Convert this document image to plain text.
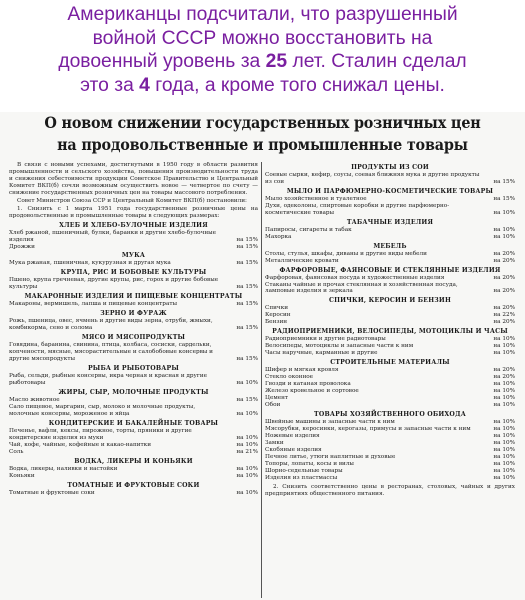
Американцы подсчитали, что разрушенный
войной СССР можно восстановить на
довоенный уровень за 25 лет. Сталин сделал
это за 4 года, а кроме того снижал цены.

О новом снижении государственных розничных цен
на продовольственные и промышленные товары

В связи с новыми успехами, достигнутыми в 1950 году в области развития промышленности и сельского хозяйства, повышения производительности труда и снижения себестоимости продукции Советское Правительство и Центральный Комитет ВКП(б) сочли возможным осуществить новое — четвертое по счету — снижение государственных розничных цен на товары массового потребления.

Совет Министров Союза ССР и Центральный Комитет ВКП(б) постановили:

1. Снизить с 1 марта 1951 года государственные розничные цены на продовольственные и промышленные товары в следующих размерах:

ХЛЕБ И ХЛЕБО-БУЛОЧНЫЕ ИЗДЕЛИЯ
Хлеб ржаной, пшеничный, булки, баранки и другие хлебо-булочные изделия	на 15%
Дрожжи	на 15%
МУКА
Мука ржаная, пшеничная, кукурузная и другая мука	на 15%
КРУПА, РИС И БОБОВЫЕ КУЛЬТУРЫ
Пшено, крупа гречневая, другие крупы, рис, горох и другие бобовые культуры	на 15%
МАКАРОННЫЕ ИЗДЕЛИЯ И ПИЩЕВЫЕ КОНЦЕНТРАТЫ
Макароны, вермишель, лапша и пищевые концентраты	на 15%
ЗЕРНО И ФУРАЖ
Рожь, пшеница, овес, ячмень и другие виды зерна, отруби, жмыхи, комбикорма, сено и солома	на 15%
МЯСО И МЯСОПРОДУКТЫ
Говядина, баранина, свинина, птица, колбаса, сосиски, сардельки, копчености, мясные, мясорастительные и салобобовые консервы и другие мясопродукты	на 15%
РЫБА И РЫБОТОВАРЫ
Рыба, сельди, рыбные консервы, икра черная и красная и другие рыботовары	на 10%
ЖИРЫ, СЫР, МОЛОЧНЫЕ ПРОДУКТЫ
Масло животное	на 15%
Сало пищевое, маргарин, сыр, молоко и молочные продукты, молочные консервы, мороженое и яйца	на 10%
КОНДИТЕРСКИЕ И БАКАЛЕЙНЫЕ ТОВАРЫ
Печенье, вафли, кексы, пирожное, торты, пряники и другие кондитерские изделия из муки	на 10%
Чай, кофе, чайные, кофейные и какао-напитки	на 10%
Соль	на 21%
ВОДКА, ЛИКЕРЫ И КОНЬЯКИ
Водка, ликеры, наливки и настойки	на 10%
Коньяки	на 10%
ТОМАТНЫЕ И ФРУКТОВЫЕ СОКИ
Томатные и фруктовые соки	на 10%
ПРОДУКТЫ ИЗ СОИ
Соевые сырки, кефир, соусы, соевая ближняя мука и другие продукты из сои	на 15%
МЫЛО И ПАРФЮМЕРНО-КОСМЕТИЧЕСКИЕ ТОВАРЫ
Мыло хозяйственное и туалетное	на 15%
Духи, одеколоны, спиртовые коробки и другие парфюмерно-косметические товары	на 10%
ТАБАЧНЫЕ ИЗДЕЛИЯ
Папиросы, сигареты и табак	на 10%
Махорка	на 10%
МЕБЕЛЬ
Столы, стулья, шкафы, диваны и другие виды мебели	на 20%
Металлические кровати	на 20%
ФАРФОРОВЫЕ, ФАЯНСОВЫЕ И СТЕКЛЯННЫЕ ИЗДЕЛИЯ
Фарфоровая, фаянсовая посуда и художественные изделия	на 20%
Стаканы чайные и прочая стеклянная и хозяйственная посуда, ламповые изделия и зеркала	на 20%
СПИЧКИ, КЕРОСИН И БЕНЗИН
Спички	на 20%
Керосин	на 22%
Бензин	на 20%
РАДИОПРИЕМНИКИ, ВЕЛОСИПЕДЫ, МОТОЦИКЛЫ И ЧАСЫ
Радиоприемники и другие радиотовары	на 10%
Велосипеды, мотоциклы и запасные части к ним	на 10%
Часы наручные, карманные и другие	на 10%
СТРОИТЕЛЬНЫЕ МАТЕРИАЛЫ
Шифер и мягкая кровля	на 20%
Стекло оконное	на 20%
Гвозди и катаная проволока	на 10%
Железо кровельное и сортовое	на 10%
Цемент	на 10%
Обои	на 10%
ТОВАРЫ ХОЗЯЙСТВЕННОГО ОБИХОДА
Швейные машины и запасные части к ним	на 10%
Мясорубки, керосинки, керогазы, примусы и запасные части к ним	на 10%
Ножевые изделия	на 10%
Замки	на 10%
Скобяные изделия	на 10%
Печное литье, утюги наплитные и духовые	на 10%
Топоры, лопаты, косы и вилы	на 10%
Шорно-седельные товары	на 10%
Изделия из пластмассы	на 10%

2. Снизить соответственно цены в ресторанах, столовых, чайных и других предприятиях общественного питания.
